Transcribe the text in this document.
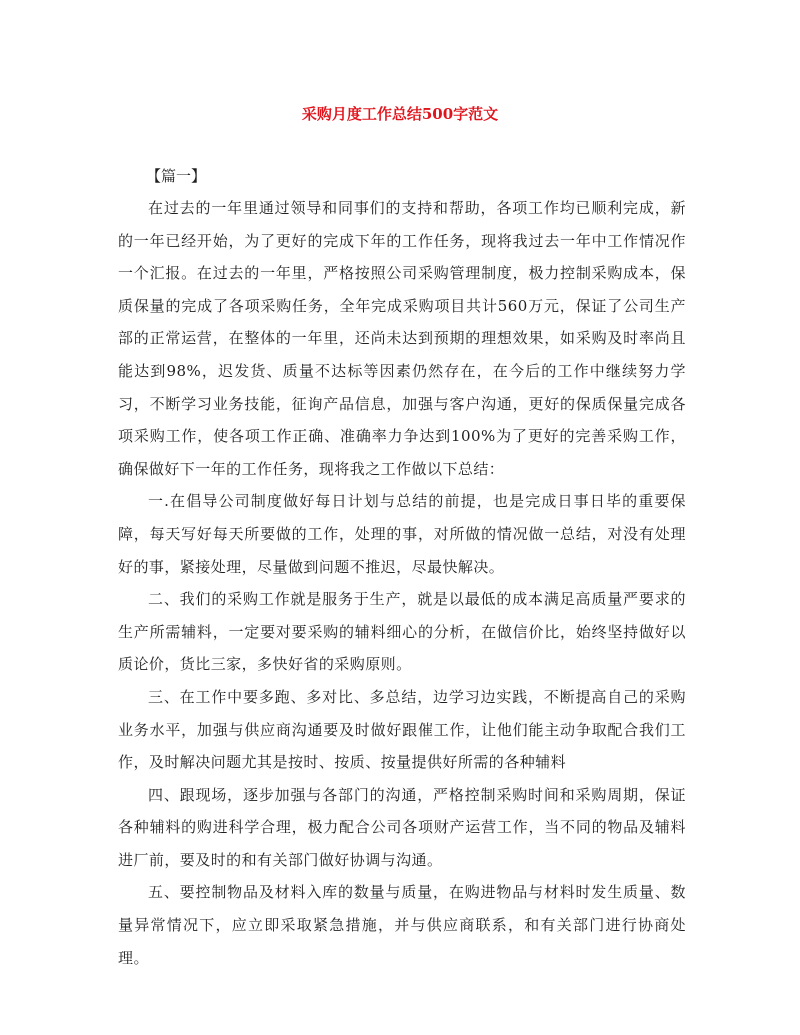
采购月度工作总结500字范文
【篇一】

在过去的一年里通过领导和同事们的支持和帮助，各项工作均已顺利完成，新的一年已经开始，为了更好的完成下年的工作任务，现将我过去一年中工作情况作一个汇报。在过去的一年里，严格按照公司采购管理制度，极力控制采购成本，保质保量的完成了各项采购任务，全年完成采购项目共计560万元，保证了公司生产部的正常运营，在整体的一年里，还尚未达到预期的理想效果，如采购及时率尚且能达到98%，迟发货、质量不达标等因素仍然存在，在今后的工作中继续努力学习，不断学习业务技能，征询产品信息，加强与客户沟通，更好的保质保量完成各项采购工作，使各项工作正确、准确率力争达到100%为了更好的完善采购工作，确保做好下一年的工作任务，现将我之工作做以下总结：

一.在倡导公司制度做好每日计划与总结的前提，也是完成日事日毕的重要保障，每天写好每天所要做的工作，处理的事，对所做的情况做一总结，对没有处理好的事，紧接处理，尽量做到问题不推迟，尽最快解决。

二、我们的采购工作就是服务于生产，就是以最低的成本满足高质量严要求的生产所需辅料，一定要对要采购的辅料细心的分析，在做信价比，始终坚持做好以质论价，货比三家，多快好省的采购原则。

三、在工作中要多跑、多对比、多总结，边学习边实践，不断提高自己的采购业务水平，加强与供应商沟通要及时做好跟催工作，让他们能主动争取配合我们工作，及时解决问题尤其是按时、按质、按量提供好所需的各种辅料

四、跟现场，逐步加强与各部门的沟通，严格控制采购时间和采购周期，保证各种辅料的购进科学合理，极力配合公司各项财产运营工作，当不同的物品及辅料进厂前，要及时的和有关部门做好协调与沟通。

五、要控制物品及材料入库的数量与质量，在购进物品与材料时发生质量、数量异常情况下，应立即采取紧急措施，并与供应商联系，和有关部门进行协商处理。
